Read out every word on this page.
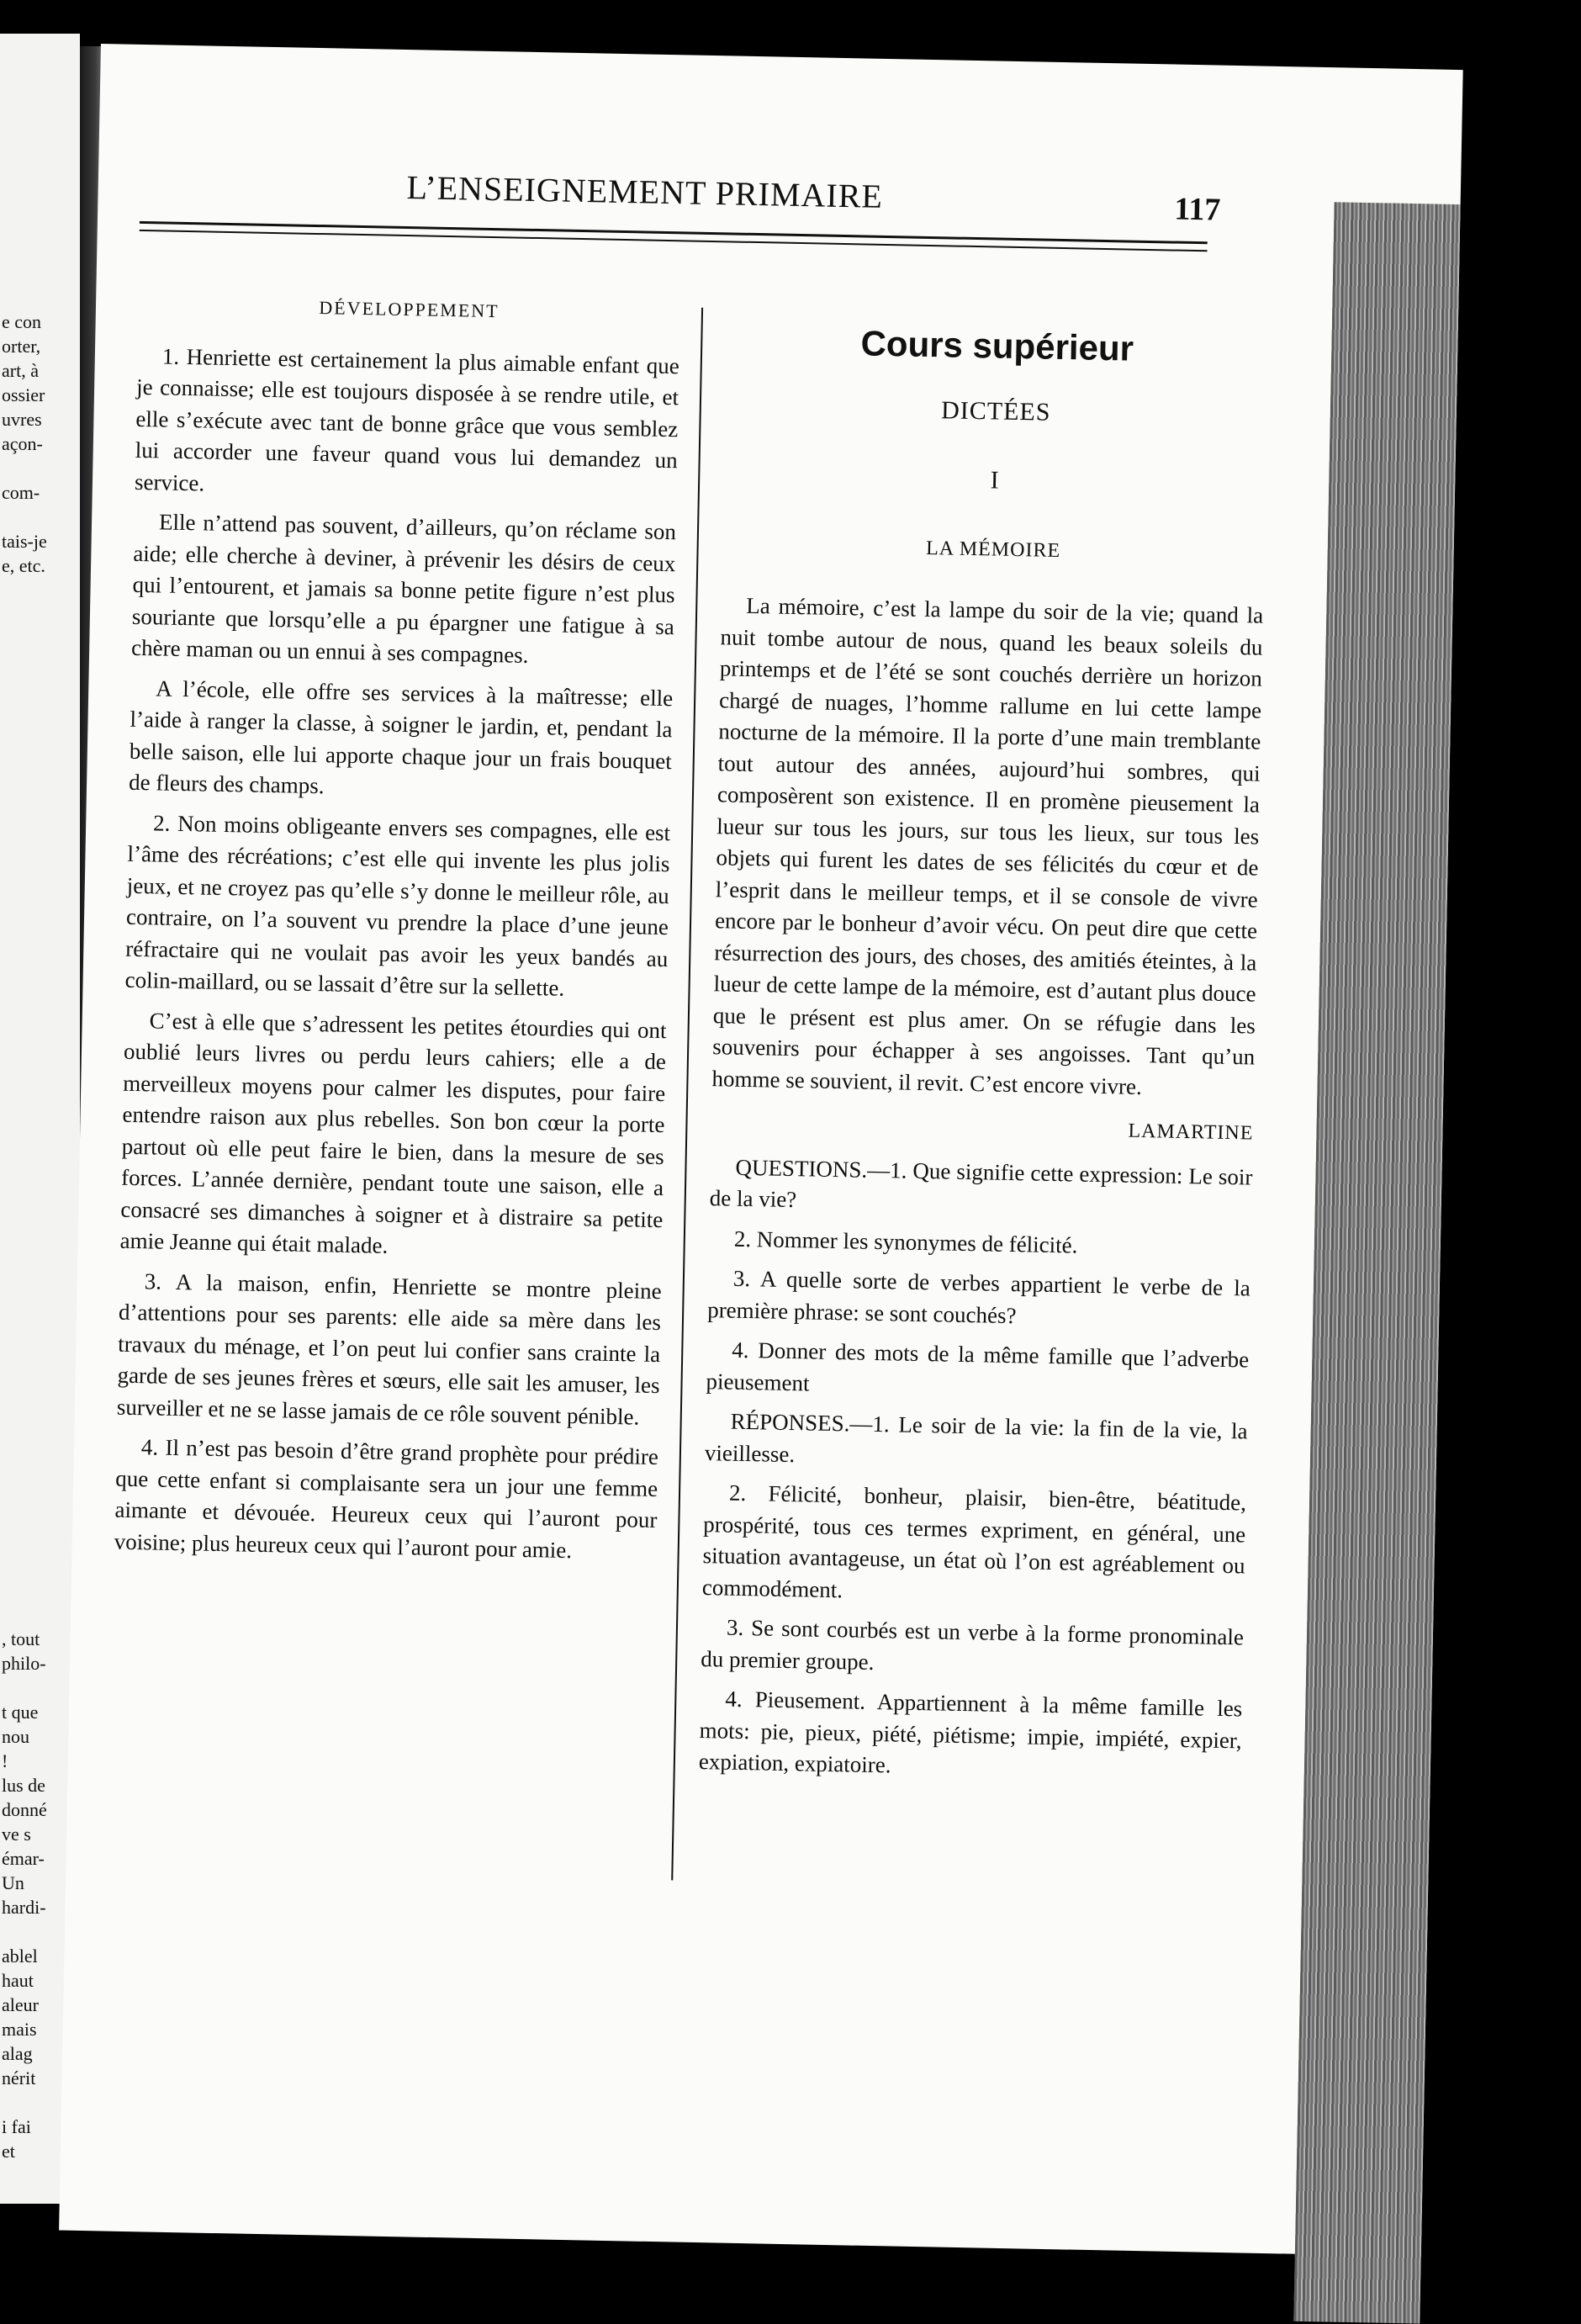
e con
orter,
art, à
ossier
uvres
açon-
com-
tais-je
e, etc.
, tout
philo-
t que
nou
!
lus de
donné
ve s
émar-
Un
hardi-
ablel
haut
aleur
mais
alag
nérit
i fai
et
L’ENSEIGNEMENT PRIMAIRE	117
DÉVELOPPEMENT

1. Henriette est certainement la plus aimable enfant que je connaisse; elle est toujours disposée à se rendre utile, et elle s’exécute avec tant de bonne grâce que vous semblez lui accorder une faveur quand vous lui demandez un service.

Elle n’attend pas souvent, d’ailleurs, qu’on réclame son aide; elle cherche à deviner, à prévenir les désirs de ceux qui l’entourent, et jamais sa bonne petite figure n’est plus souriante que lorsqu’elle a pu épargner une fatigue à sa chère maman ou un ennui à ses compagnes.

A l’école, elle offre ses services à la maîtresse; elle l’aide à ranger la classe, à soigner le jardin, et, pendant la belle saison, elle lui apporte chaque jour un frais bouquet de fleurs des champs.

2. Non moins obligeante envers ses compagnes, elle est l’âme des récréations; c’est elle qui invente les plus jolis jeux, et ne croyez pas qu’elle s’y donne le meilleur rôle, au contraire, on l’a souvent vu prendre la place d’une jeune réfractaire qui ne voulait pas avoir les yeux bandés au colin-maillard, ou se lassait d’être sur la sellette.

C’est à elle que s’adressent les petites étourdies qui ont oublié leurs livres ou perdu leurs cahiers; elle a de merveilleux moyens pour calmer les disputes, pour faire entendre raison aux plus rebelles. Son bon cœur la porte partout où elle peut faire le bien, dans la mesure de ses forces. L’année dernière, pendant toute une saison, elle a consacré ses dimanches à soigner et à distraire sa petite amie Jeanne qui était malade.

3. A la maison, enfin, Henriette se montre pleine d’attentions pour ses parents: elle aide sa mère dans les travaux du ménage, et l’on peut lui confier sans crainte la garde de ses jeunes frères et sœurs, elle sait les amuser, les surveiller et ne se lasse jamais de ce rôle souvent pénible.

4. Il n’est pas besoin d’être grand prophète pour prédire que cette enfant si complaisante sera un jour une femme aimante et dévouée. Heureux ceux qui l’auront pour voisine; plus heureux ceux qui l’auront pour amie.

Cours supérieur
DICTÉES
I
LA MÉMOIRE

La mémoire, c’est la lampe du soir de la vie; quand la nuit tombe autour de nous, quand les beaux soleils du printemps et de l’été se sont couchés derrière un horizon chargé de nuages, l’homme rallume en lui cette lampe nocturne de la mémoire. Il la porte d’une main tremblante tout autour des années, aujourd’hui sombres, qui composèrent son existence. Il en promène pieusement la lueur sur tous les jours, sur tous les lieux, sur tous les objets qui furent les dates de ses félicités du cœur et de l’esprit dans le meilleur temps, et il se console de vivre encore par le bonheur d’avoir vécu. On peut dire que cette résurrection des jours, des choses, des amitiés éteintes, à la lueur de cette lampe de la mémoire, est d’autant plus douce que le présent est plus amer. On se réfugie dans les souvenirs pour échapper à ses angoisses. Tant qu’un homme se souvient, il revit. C’est encore vivre.

LAMARTINE

QUESTIONS.—1. Que signifie cette expression: Le soir de la vie?

2. Nommer les synonymes de félicité.

3. A quelle sorte de verbes appartient le verbe de la première phrase: se sont couchés?

4. Donner des mots de la même famille que l’adverbe pieusement

RÉPONSES.—1. Le soir de la vie: la fin de la vie, la vieillesse.

2. Félicité, bonheur, plaisir, bien-être, béatitude, prospérité, tous ces termes expriment, en général, une situation avantageuse, un état où l’on est agréablement ou commodément.

3. Se sont courbés est un verbe à la forme pronominale du premier groupe.

4. Pieusement. Appartiennent à la même famille les mots: pie, pieux, piété, piétisme; impie, impiété, expier, expiation, expiatoire.
